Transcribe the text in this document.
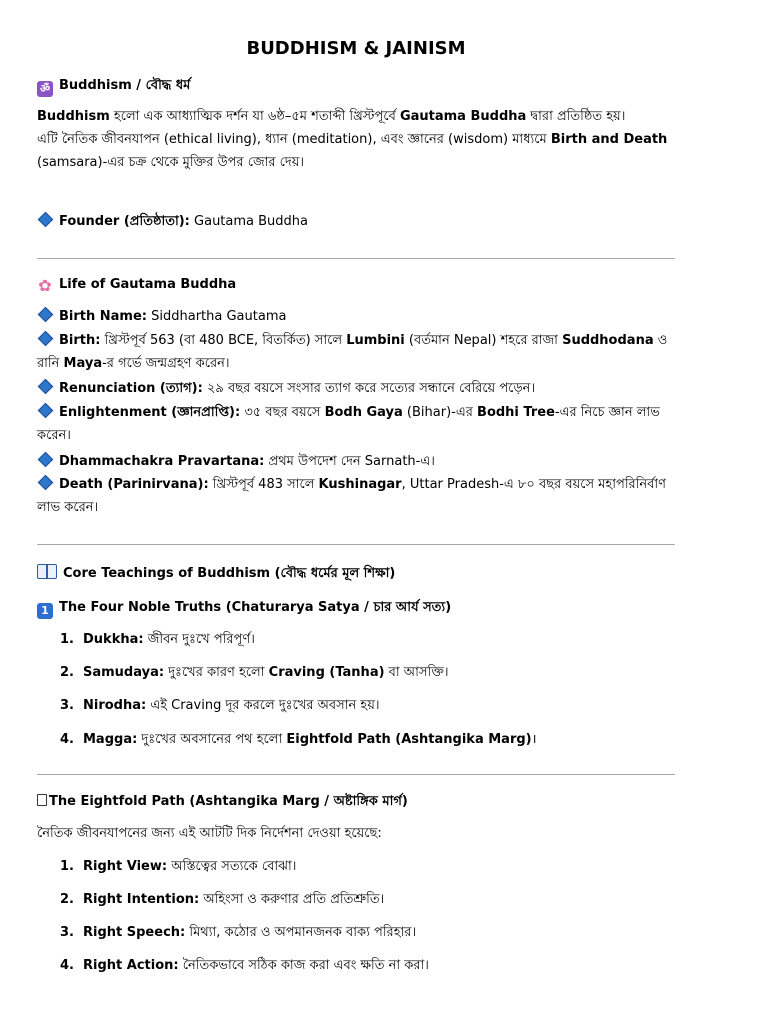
BUDDHISM & JAINISM
ॐ Buddhism / বৌদ্ধ ধর্ম
Buddhism হলো এক আধ্যাত্মিক দর্শন যা ৬ষ্ঠ–৫ম শতাব্দী খ্রিস্টপূর্বে Gautama Buddha দ্বারা প্রতিষ্ঠিত হয়।
এটি নৈতিক জীবনযাপন (ethical living), ধ্যান (meditation), এবং জ্ঞানের (wisdom) মাধ্যমে Birth and Death (samsara)-এর চক্র থেকে মুক্তির উপর জোর দেয়।
Founder (প্রতিষ্ঠাতা): Gautama Buddha
✿ Life of Gautama Buddha
Birth Name: Siddhartha Gautama
Birth: খ্রিস্টপূর্ব 563 (বা 480 BCE, বিতর্কিত) সালে Lumbini (বর্তমান Nepal) শহরে রাজা Suddhodana ও রানি Maya-র গর্ভে জন্মগ্রহণ করেন।
Renunciation (ত্যাগ): ২৯ বছর বয়সে সংসার ত্যাগ করে সত্যের সন্ধানে বেরিয়ে পড়েন।
Enlightenment (জ্ঞানপ্রাপ্তি): ৩৫ বছর বয়সে Bodh Gaya (Bihar)-এর Bodhi Tree-এর নিচে জ্ঞান লাভ করেন।
Dhammachakra Pravartana: প্রথম উপদেশ দেন Sarnath-এ।
Death (Parinirvana): খ্রিস্টপূর্ব 483 সালে Kushinagar, Uttar Pradesh-এ ৮০ বছর বয়সে মহাপরিনির্বাণ লাভ করেন।
Core Teachings of Buddhism (বৌদ্ধ ধর্মের মূল শিক্ষা)
1 The Four Noble Truths (Chaturarya Satya / চার আর্য সত্য)
1. Dukkha: জীবন দুঃখে পরিপূর্ণ।
2. Samudaya: দুঃখের কারণ হলো Craving (Tanha) বা আসক্তি।
3. Nirodha: এই Craving দূর করলে দুঃখের অবসান হয়।
4. Magga: দুঃখের অবসানের পথ হলো Eightfold Path (Ashtangika Marg)।
The Eightfold Path (Ashtangika Marg / অষ্টাঙ্গিক মার্গ)
নৈতিক জীবনযাপনের জন্য এই আটটি দিক নির্দেশনা দেওয়া হয়েছে:
1. Right View: অস্তিত্বের সত্যকে বোঝা।
2. Right Intention: অহিংসা ও করুণার প্রতি প্রতিশ্রুতি।
3. Right Speech: মিথ্যা, কঠোর ও অপমানজনক বাক্য পরিহার।
4. Right Action: নৈতিকভাবে সঠিক কাজ করা এবং ক্ষতি না করা।
